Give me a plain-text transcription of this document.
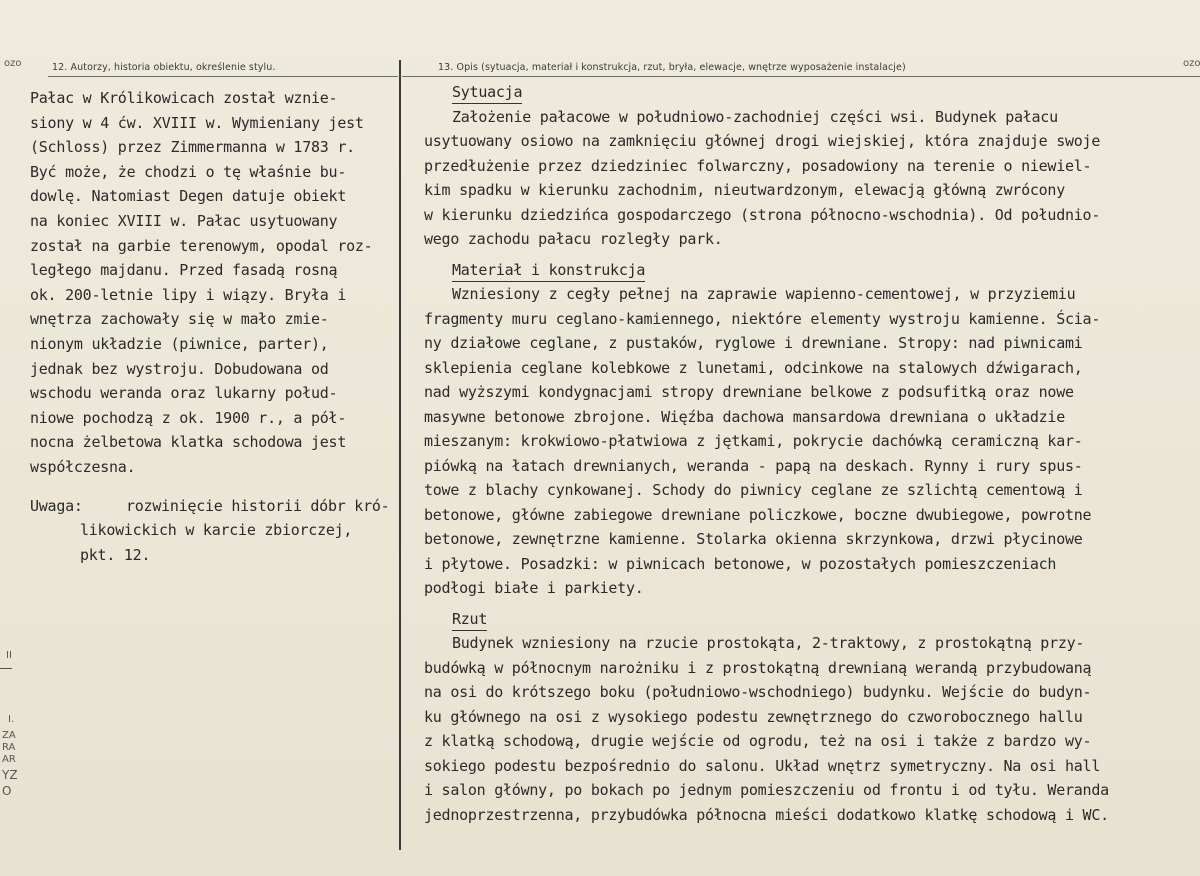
ozo	ozo
II
I.
ZA
RA
AR
YZ
O
12. Autorzy, historia obiektu, określenie stylu.	13. Opis (sytuacja, materiał i konstrukcja, rzut, bryła, elewacje, wnętrze wyposażenie instalacje)
Pałac w Królikowicach został wznie-
siony w 4 ćw. XVIII w. Wymieniany jest
(Schloss) przez Zimmermanna w 1783 r.
Być może, że chodzi o tę właśnie bu-
dowlę. Natomiast Degen datuje obiekt
na koniec XVIII w. Pałac usytuowany
został na garbie terenowym, opodal roz-
ległego majdanu. Przed fasadą rosną
ok. 200-letnie lipy i wiązy. Bryła i
wnętrza zachowały się w mało zmie-
nionym układzie (piwnice, parter),
jednak bez wystroju. Dobudowana od
wschodu weranda oraz lukarny połud-
niowe pochodzą z ok. 1900 r., a pół-
nocna żelbetowa klatka schodowa jest
współczesna.
Uwaga:	rozwinięcie historii dóbr kró-
likowickich w karcie zbiorczej,
pkt. 12.
Sytuacja
Założenie pałacowe w południowo-zachodniej części wsi. Budynek pałacu
usytuowany osiowo na zamknięciu głównej drogi wiejskiej, która znajduje swoje
przedłużenie przez dziedziniec folwarczny, posadowiony na terenie o niewiel-
kim spadku w kierunku zachodnim, nieutwardzonym, elewacją główną zwrócony
w kierunku dziedzińca gospodarczego (strona północno-wschodnia). Od południo-
wego zachodu pałacu rozległy park.
Materiał i konstrukcja
Wzniesiony z cegły pełnej na zaprawie wapienno-cementowej, w przyziemiu
fragmenty muru ceglano-kamiennego, niektóre elementy wystroju kamienne. Ścia-
ny działowe ceglane, z pustaków, ryglowe i drewniane. Stropy: nad piwnicami
sklepienia ceglane kolebkowe z lunetami, odcinkowe na stalowych dźwigarach,
nad wyższymi kondygnacjami stropy drewniane belkowe z podsufitką oraz nowe
masywne betonowe zbrojone. Więźba dachowa mansardowa drewniana o układzie
mieszanym: krokwiowo-płatwiowa z jętkami, pokrycie dachówką ceramiczną kar-
piówką na łatach drewnianych, weranda - papą na deskach. Rynny i rury spus-
towe z blachy cynkowanej. Schody do piwnicy ceglane ze szlichtą cementową i
betonowe, główne zabiegowe drewniane policzkowe, boczne dwubiegowe, powrotne
betonowe, zewnętrzne kamienne. Stolarka okienna skrzynkowa, drzwi płycinowe
i płytowe. Posadzki: w piwnicach betonowe, w pozostałych pomieszczeniach
podłogi białe i parkiety.
Rzut
Budynek wzniesiony na rzucie prostokąta, 2-traktowy, z prostokątną przy-
budówką w północnym narożniku i z prostokątną drewnianą werandą przybudowaną
na osi do krótszego boku (południowo-wschodniego) budynku. Wejście do budyn-
ku głównego na osi z wysokiego podestu zewnętrznego do czworobocznego hallu
z klatką schodową, drugie wejście od ogrodu, też na osi i także z bardzo wy-
sokiego podestu bezpośrednio do salonu. Układ wnętrz symetryczny. Na osi hall
i salon główny, po bokach po jednym pomieszczeniu od frontu i od tyłu. Weranda
jednoprzestrzenna, przybudówka północna mieści dodatkowo klatkę schodową i WC.
